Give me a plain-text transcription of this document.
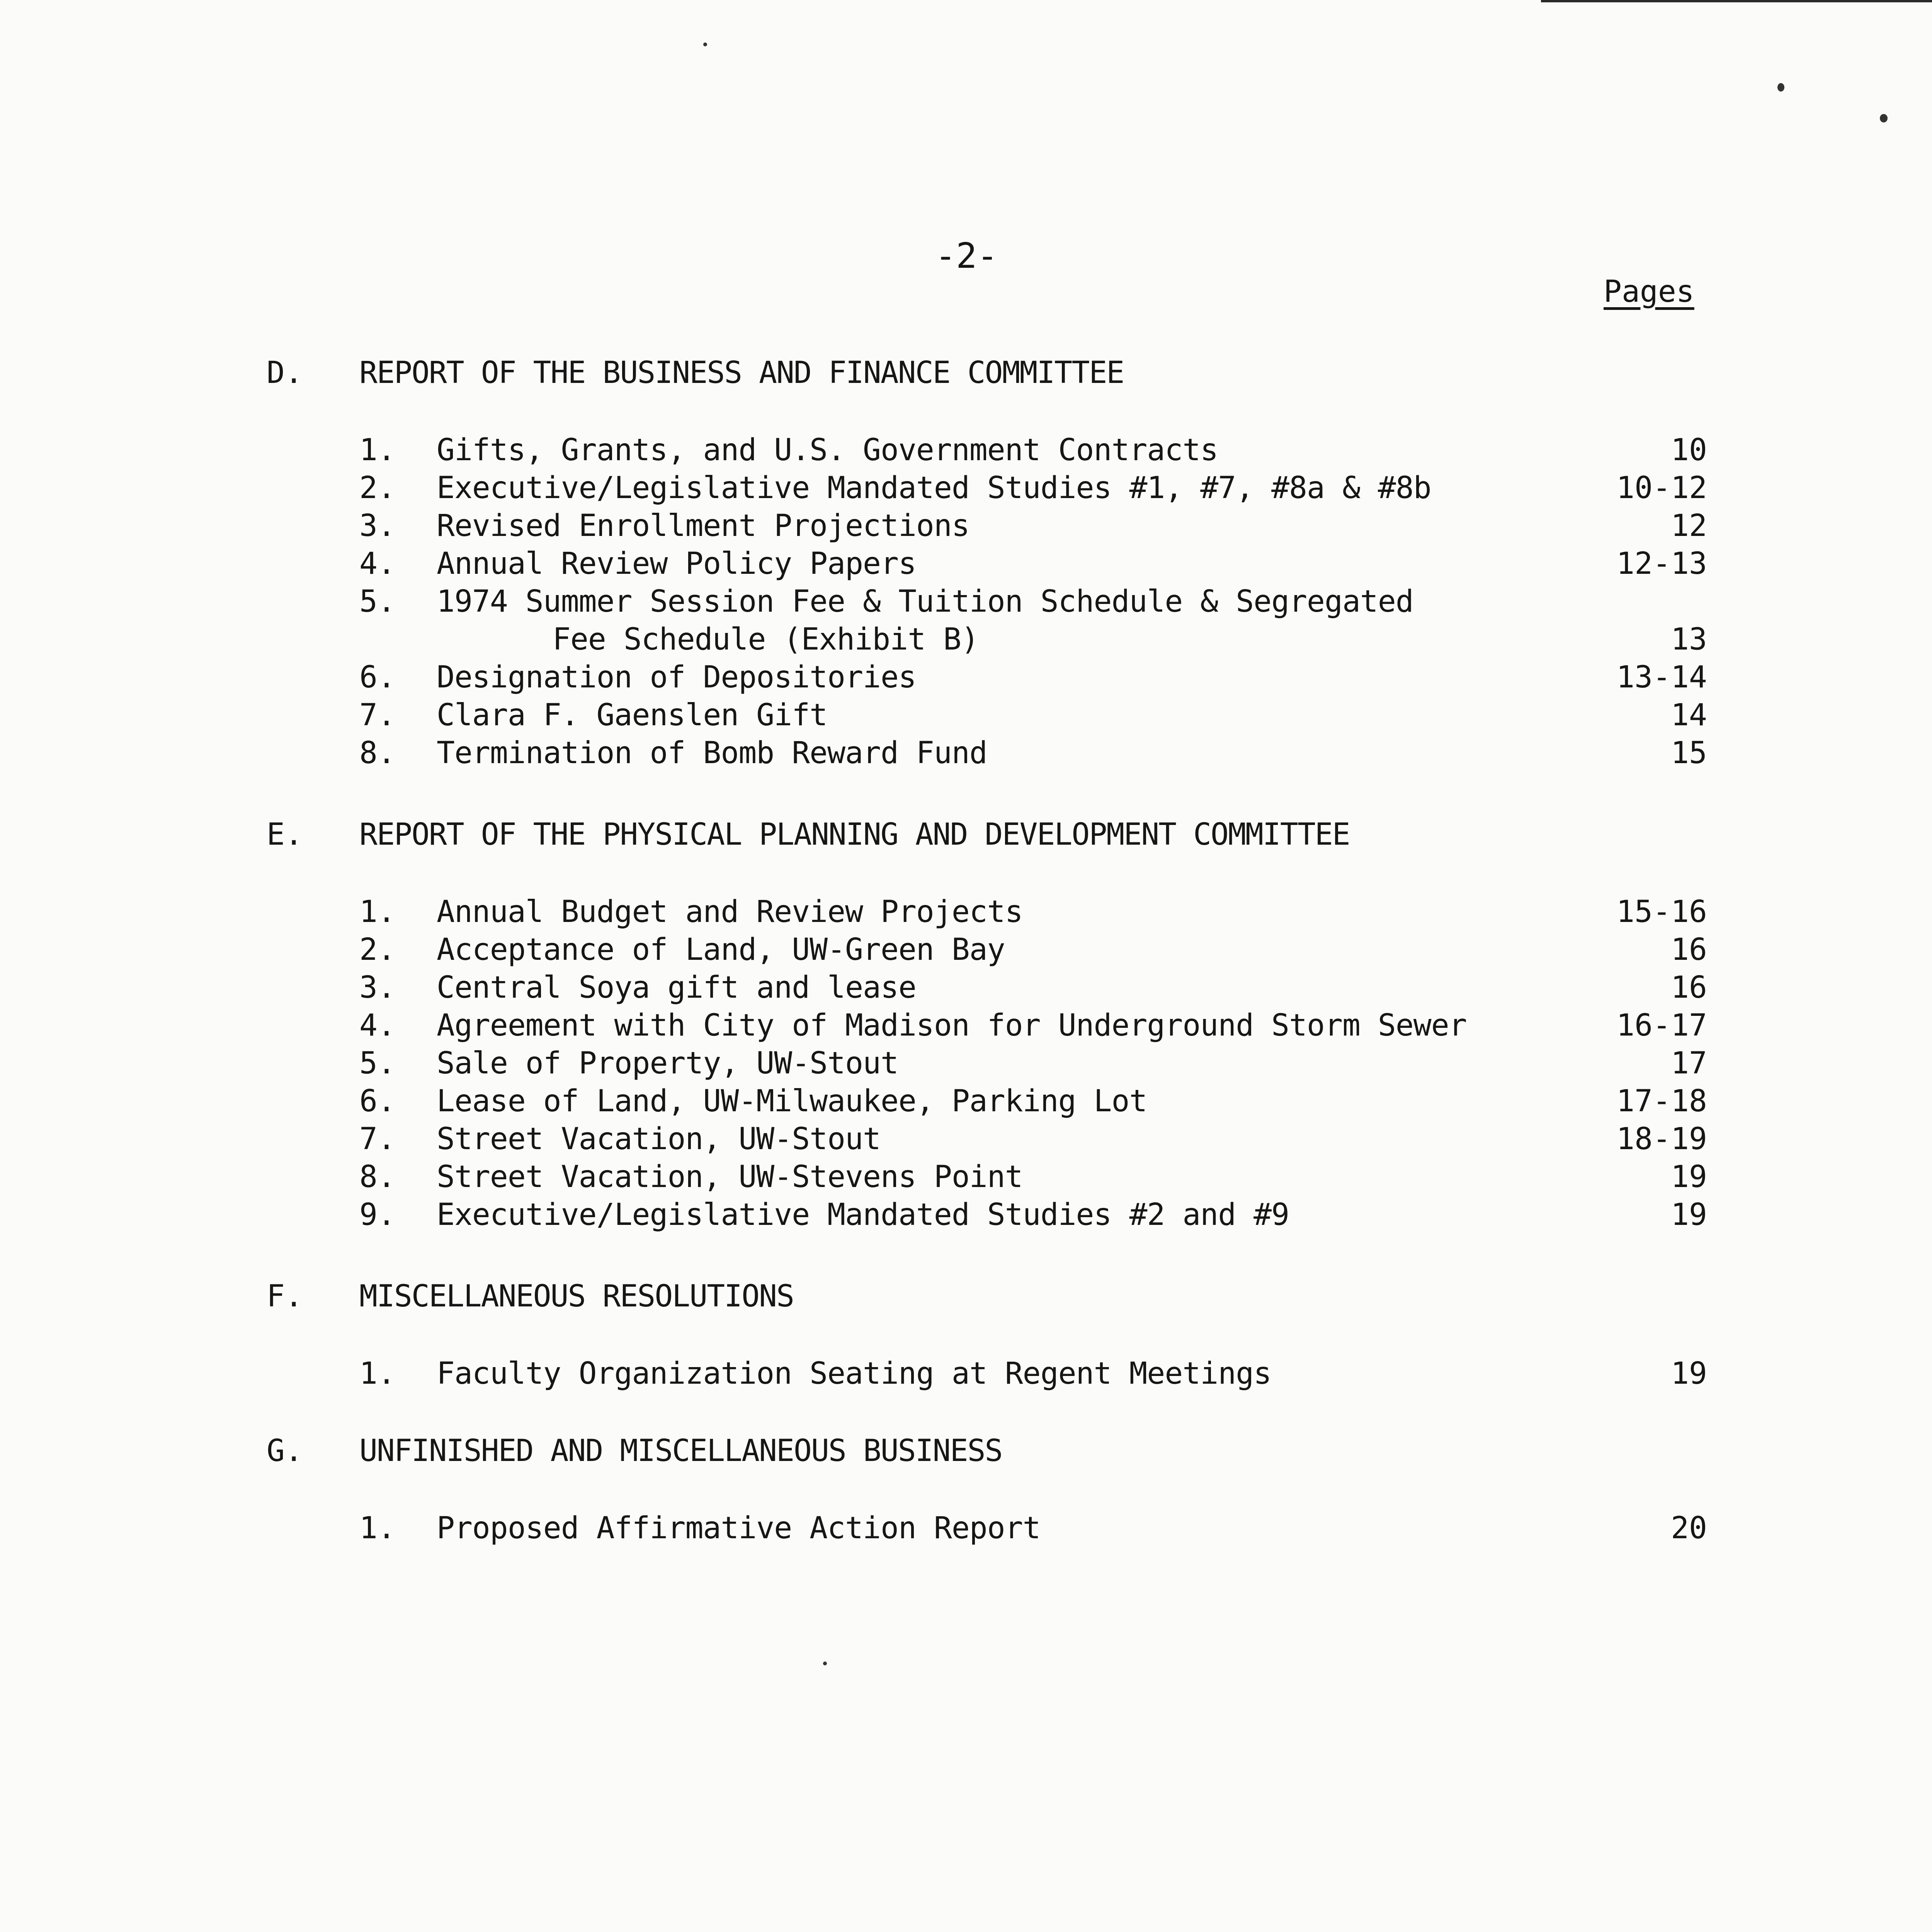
-2-
Pages
D. REPORT OF THE BUSINESS AND FINANCE COMMITTEE
1. Gifts, Grants, and U.S. Government Contracts	10
2. Executive/Legislative Mandated Studies #1, #7, #8a & #8b	10-12
3. Revised Enrollment Projections	12
4. Annual Review Policy Papers	12-13
5. 1974 Summer Session Fee & Tuition Schedule & Segregated
Fee Schedule (Exhibit B)	13
6. Designation of Depositories	13-14
7. Clara F. Gaenslen Gift	14
8. Termination of Bomb Reward Fund	15
E. REPORT OF THE PHYSICAL PLANNING AND DEVELOPMENT COMMITTEE
1. Annual Budget and Review Projects	15-16
2. Acceptance of Land, UW-Green Bay	16
3. Central Soya gift and lease	16
4. Agreement with City of Madison for Underground Storm Sewer	16-17
5. Sale of Property, UW-Stout	17
6. Lease of Land, UW-Milwaukee, Parking Lot	17-18
7. Street Vacation, UW-Stout	18-19
8. Street Vacation, UW-Stevens Point	19
9. Executive/Legislative Mandated Studies #2 and #9	19
F. MISCELLANEOUS RESOLUTIONS
1. Faculty Organization Seating at Regent Meetings	19
G. UNFINISHED AND MISCELLANEOUS BUSINESS
1. Proposed Affirmative Action Report	20
